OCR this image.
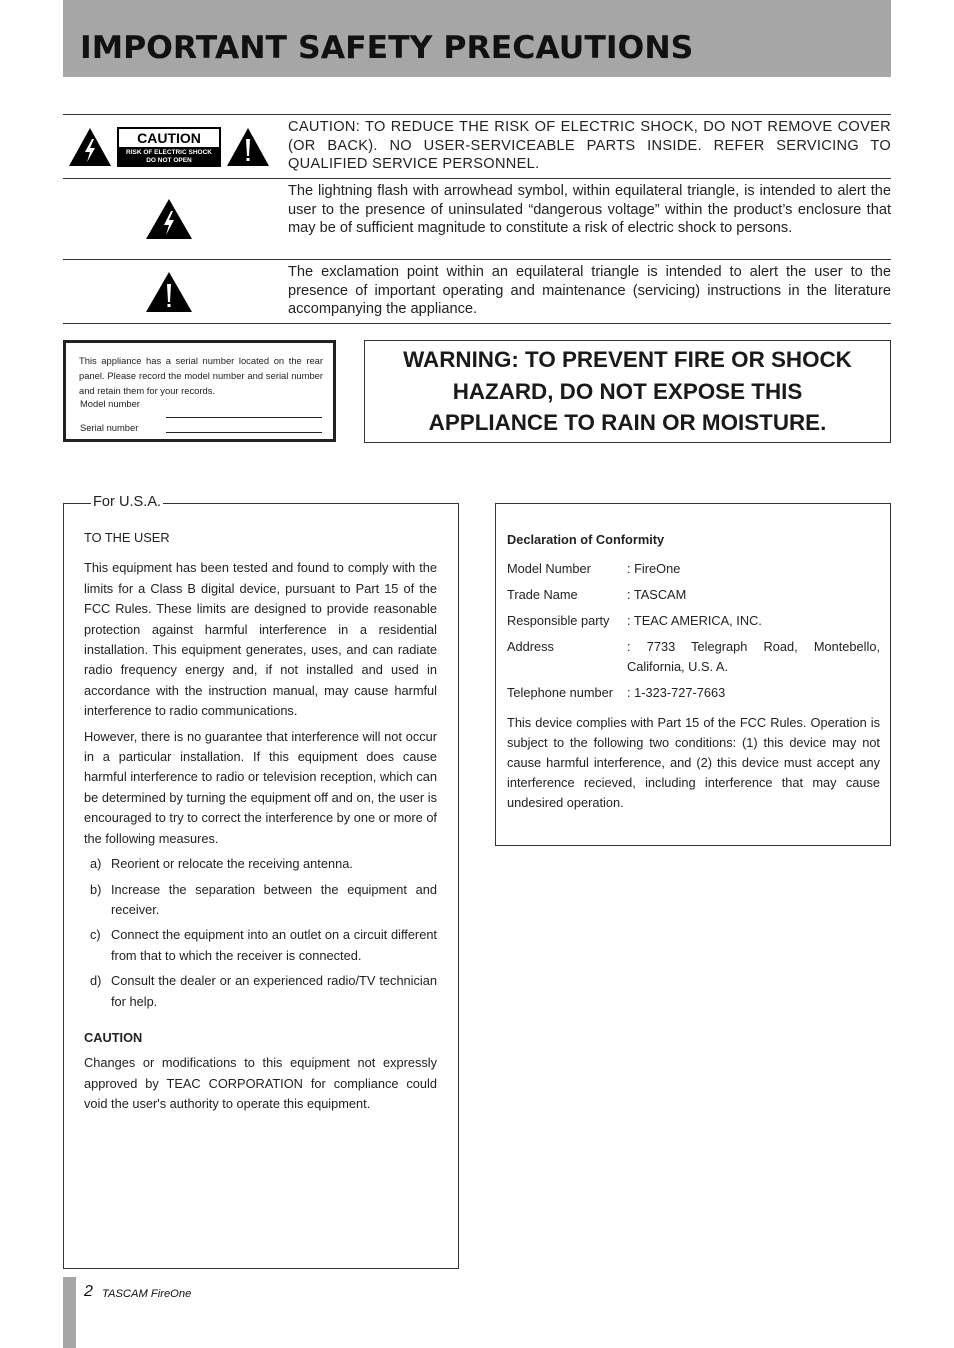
IMPORTANT SAFETY PRECAUTIONS
CAUTION
RISK OF ELECTRIC SHOCK
DO NOT OPEN
CAUTION: TO REDUCE THE RISK OF ELECTRIC SHOCK, DO NOT REMOVE COVER (OR BACK). NO USER-SERVICEABLE PARTS INSIDE. REFER SERVICING TO QUALIFIED SERVICE PERSONNEL.
The lightning flash with arrowhead symbol, within equilateral triangle, is intended to alert the user to the presence of uninsulated “dangerous voltage” within the product’s enclosure that may be of sufficient magnitude to constitute a risk of electric shock to persons.
The exclamation point within an equilateral triangle is intended to alert the user to the presence of important operating and maintenance (servicing) instructions in the literature accompanying the appliance.
This appliance has a serial number located on the rear panel. Please record the model number and serial number and retain them for your records.
Model number
Serial number

WARNING: TO PREVENT FIRE OR SHOCK HAZARD, DO NOT EXPOSE THIS APPLIANCE TO RAIN OR MOISTURE.

For U.S.A.

TO THE USER

This equipment has been tested and found to comply with the limits for a Class B digital device, pursuant to Part 15 of the FCC Rules. These limits are designed to provide reasonable protection against harmful interference in a residential installation. This equipment generates, uses, and can radiate radio frequency energy and, if not installed and used in accordance with the instruction manual, may cause harmful interference to radio communications.

However, there is no guarantee that interference will not occur in a particular installation. If this equipment does cause harmful interference to radio or television reception, which can be determined by turning the equipment off and on, the user is encouraged to try to correct the interference by one or more of the following measures.

a) Reorient or relocate the receiving antenna.
b) Increase the separation between the equipment and receiver.
c) Connect the equipment into an outlet on a circuit different from that to which the receiver is connected.
d) Consult the dealer or an experienced radio/TV technician for help.
CAUTION

Changes or modifications to this equipment not expressly approved by TEAC CORPORATION for compliance could void the user's authority to operate this equipment.

Declaration of Conformity
Model Number	: FireOne
Trade Name	: TASCAM
Responsible party	: TEAC AMERICA, INC.
Address	: 7733 Telegraph Road, Montebello, California, U.S. A.
Telephone number	: 1-323-727-7663

This device complies with Part 15 of the FCC Rules. Operation is subject to the following two conditions: (1) this device may not cause harmful interference, and (2) this device must accept any interference recieved, including interference that may cause undesired operation.

2 TASCAM FireOne
